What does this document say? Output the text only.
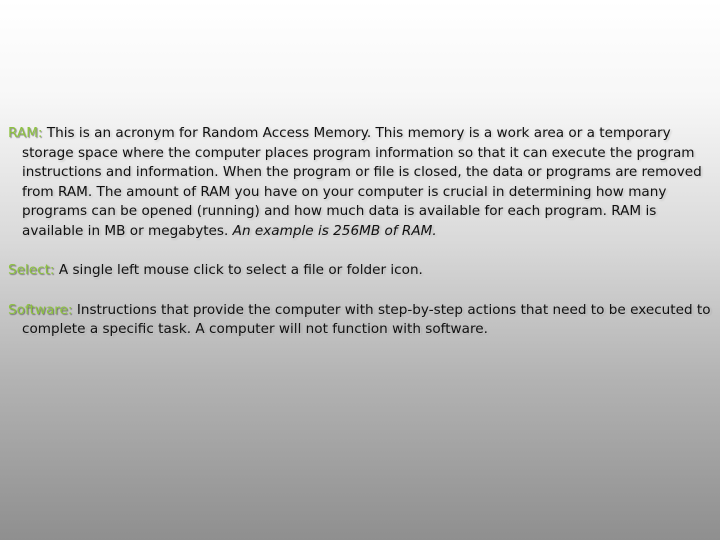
RAM: This is an acronym for Random Access Memory. This memory is a work area or a temporary storage space where the computer places program information so that it can execute the program instructions and information. When the program or file is closed, the data or programs are removed from RAM. The amount of RAM you have on your computer is crucial in determining how many programs can be opened (running) and how much data is available for each program. RAM is available in MB or megabytes. An example is 256MB of RAM.

Select: A single left mouse click to select a file or folder icon.

Software: Instructions that provide the computer with step-by-step actions that need to be executed to complete a specific task. A computer will not function with software.
